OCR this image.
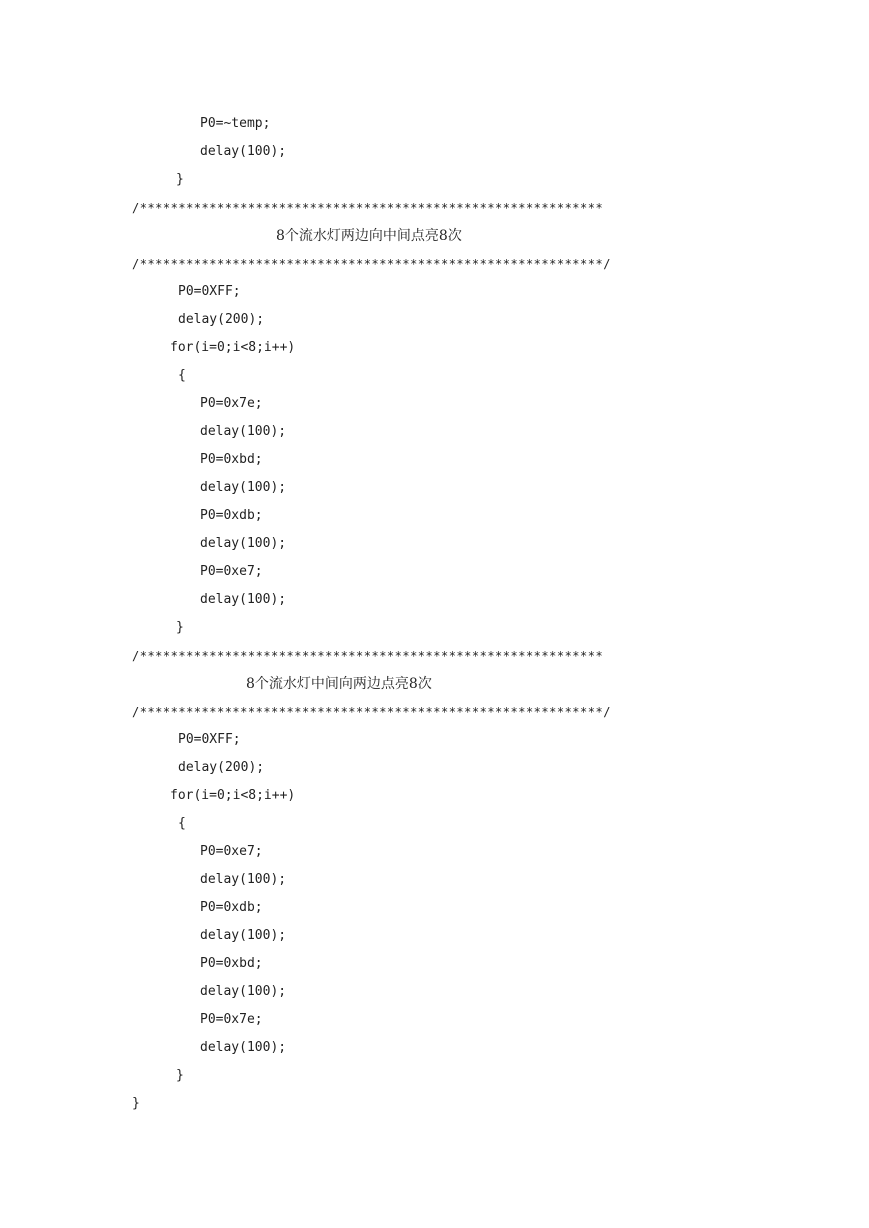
P0=~temp;
delay(100);
}
/************************************************************
8个流水灯两边向中间点亮8次
/************************************************************/
P0=0XFF;
delay(200);
for(i=0;i<8;i++)
{
P0=0x7e;
delay(100);
P0=0xbd;
delay(100);
P0=0xdb;
delay(100);
P0=0xe7;
delay(100);
}
/************************************************************
8个流水灯中间向两边点亮8次
/************************************************************/
P0=0XFF;
delay(200);
for(i=0;i<8;i++)
{
P0=0xe7;
delay(100);
P0=0xdb;
delay(100);
P0=0xbd;
delay(100);
P0=0x7e;
delay(100);
}
}
